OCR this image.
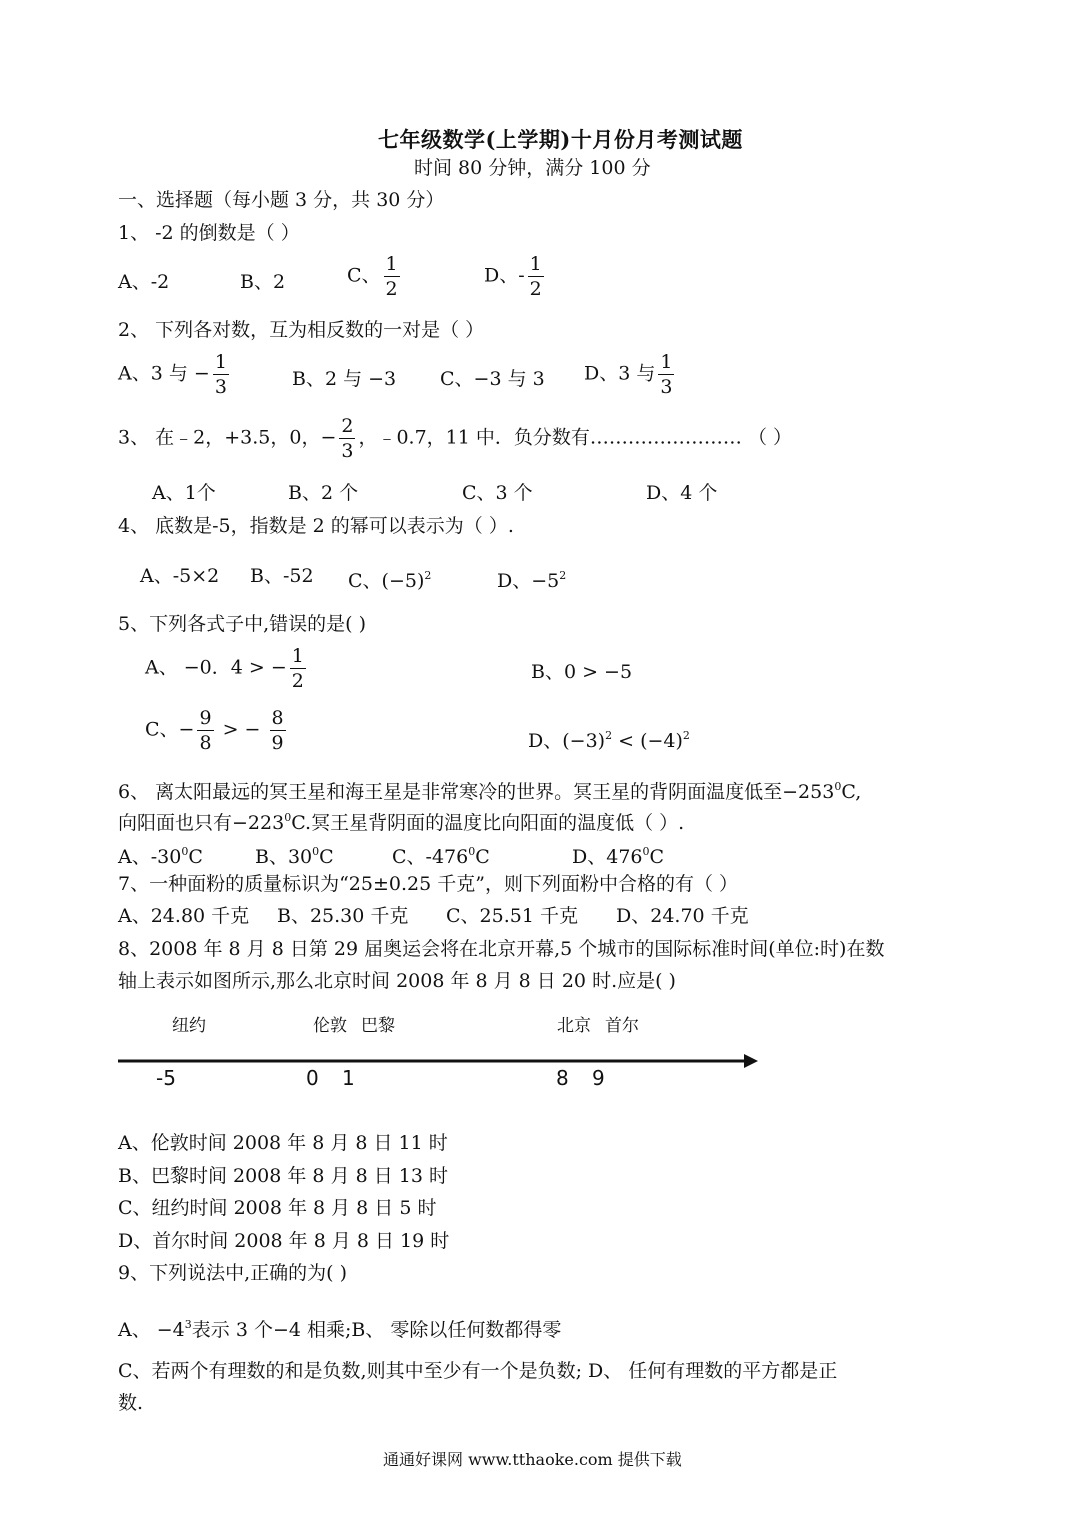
七年级数学(上学期)十月份月考测试题
时间 80 分钟，满分 100 分
一、选择题（每小题 3 分，共 30 分）
1、 -2 的倒数是（ ）
A、-2	B、2	C、 $\frac{1}{2}$	D、- $\frac{1}{2}$
2、 下列各对数，互为相反数的一对是（ ）
A、3 与 − $\frac{1}{3}$	B、2 与 −3 C、−3 与 3 D、3 与 $\frac{1}{3}$
3、 在﹣2，+3.5，0，− $\frac{2}{3}$ ，﹣0.7，11 中．负分数有…………………… （ ）
A、1个	B、2 个	C、3 个	D、4 个
4、 底数是-5，指数是 2 的幂可以表示为（ ）.
A、-5×2 B、-52 C、$(-5)^2$	D、$-5^2$
5、下列各式子中,错误的是( )
A、 −0．4 > − $\frac{1}{2}$	B、0 > −5
C、− $\frac{9}{8}$ > − $\frac{8}{9}$	D、$(-3)^2 < (-4)^2$
6、 离太阳最远的冥王星和海王星是非常寒冷的世界。冥王星的背阴面温度低至$-253^0C$,
向阳面也只有$-223^0C$.冥王星背阴面的温度比向阳面的温度低（ ）.
A、$-30^0C$	B、$30^0C$	C、$-476^0C$	D、$476^0C$
7、一种面粉的质量标识为“25±0.25 千克”，则下列面粉中合格的有（ ）
A、24.80 千克 B、25.30 千克 C、25.51 千克 D、24.70 千克
8、2008 年 8 月 8 日第 29 届奥运会将在北京开幕,5 个城市的国际标准时间(单位:时)在数
轴上表示如图所示,那么北京时间 2008 年 8 月 8 日 20 时.应是( )
纽约	伦敦 巴黎	北京 首尔
-5	0 1	8 9
A、伦敦时间 2008 年 8 月 8 日 11 时
B、巴黎时间 2008 年 8 月 8 日 13 时
C、纽约时间 2008 年 8 月 8 日 5 时
D、首尔时间 2008 年 8 月 8 日 19 时
9、下列说法中,正确的为( )
A、 $-4^3$表示 3 个−4 相乘;B、 零除以任何数都得零
C、若两个有理数的和是负数,则其中至少有一个是负数; D、 任何有理数的平方都是正
数.
通通好课网 www.tthaoke.com 提供下载
